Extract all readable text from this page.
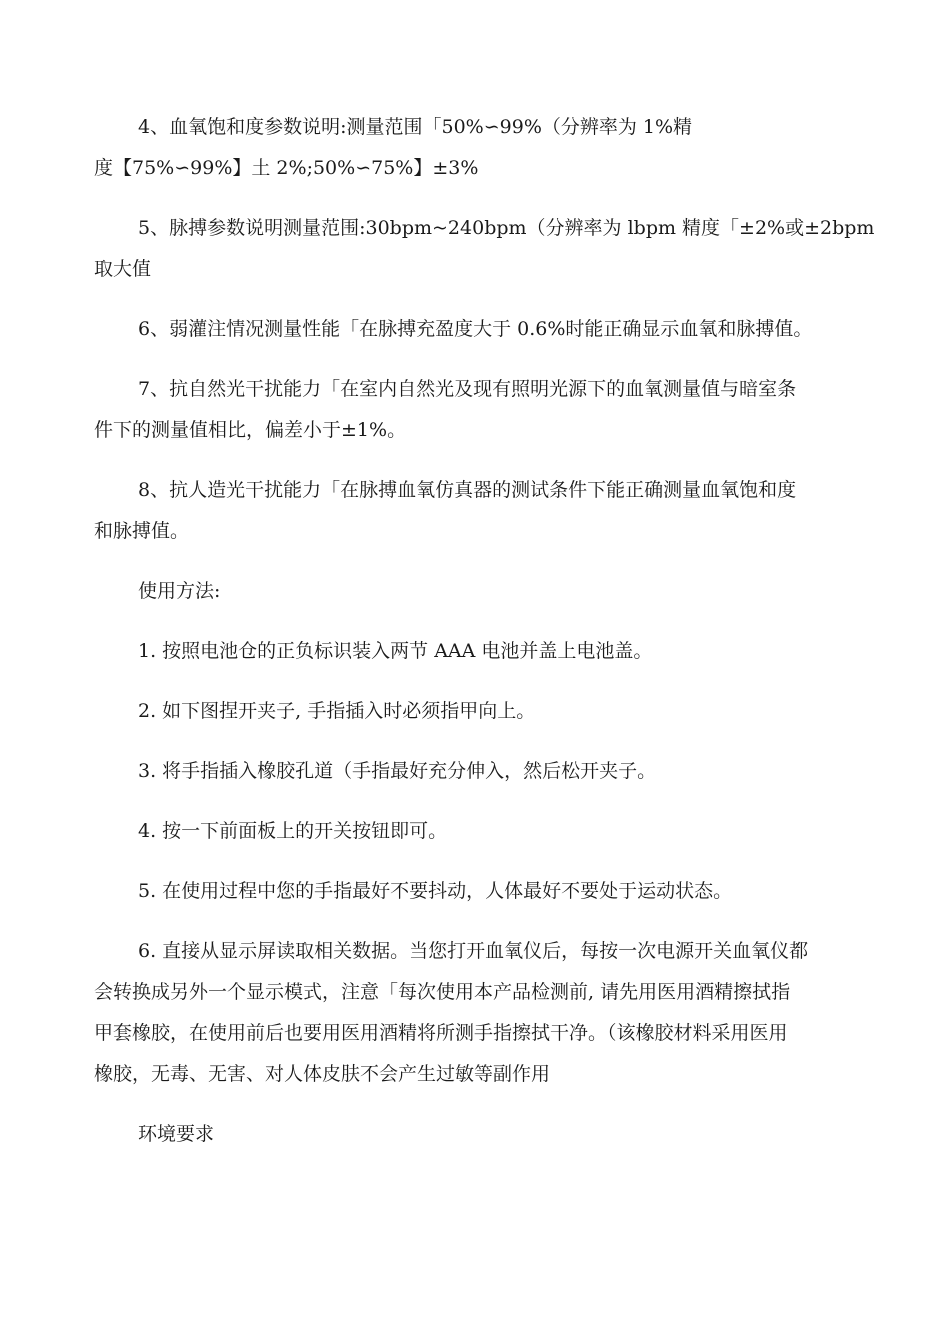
4、血氧饱和度参数说明:测量范围「50%∽99%（分辨率为 1%精
度【75%∽99%】土 2%;50%∽75%】±3%
5、脉搏参数说明测量范围:30bpm~240bpm（分辨率为 lbpm 精度「±2%或±2bpm
取大值
6、弱灌注情况测量性能「在脉搏充盈度大于 0.6%时能正确显示血氧和脉搏值。
7、抗自然光干扰能力「在室内自然光及现有照明光源下的血氧测量值与暗室条
件下的测量值相比，偏差小于±1%。
8、抗人造光干扰能力「在脉搏血氧仿真器的测试条件下能正确测量血氧饱和度
和脉搏值。
使用方法:
1. 按照电池仓的正负标识装入两节 AAA 电池并盖上电池盖。
2. 如下图捏开夹子, 手指插入时必须指甲向上。
3. 将手指插入橡胶孔道（手指最好充分伸入，然后松开夹子。
4. 按一下前面板上的开关按钮即可。
5. 在使用过程中您的手指最好不要抖动，人体最好不要处于运动状态。
6. 直接从显示屏读取相关数据。当您打开血氧仪后，每按一次电源开关血氧仪都
会转换成另外一个显示模式，注意「每次使用本产品检测前, 请先用医用酒精擦拭指
甲套橡胶，在使用前后也要用医用酒精将所测手指擦拭干净。（该橡胶材料采用医用
橡胶，无毒、无害、对人体皮肤不会产生过敏等副作用
环境要求
